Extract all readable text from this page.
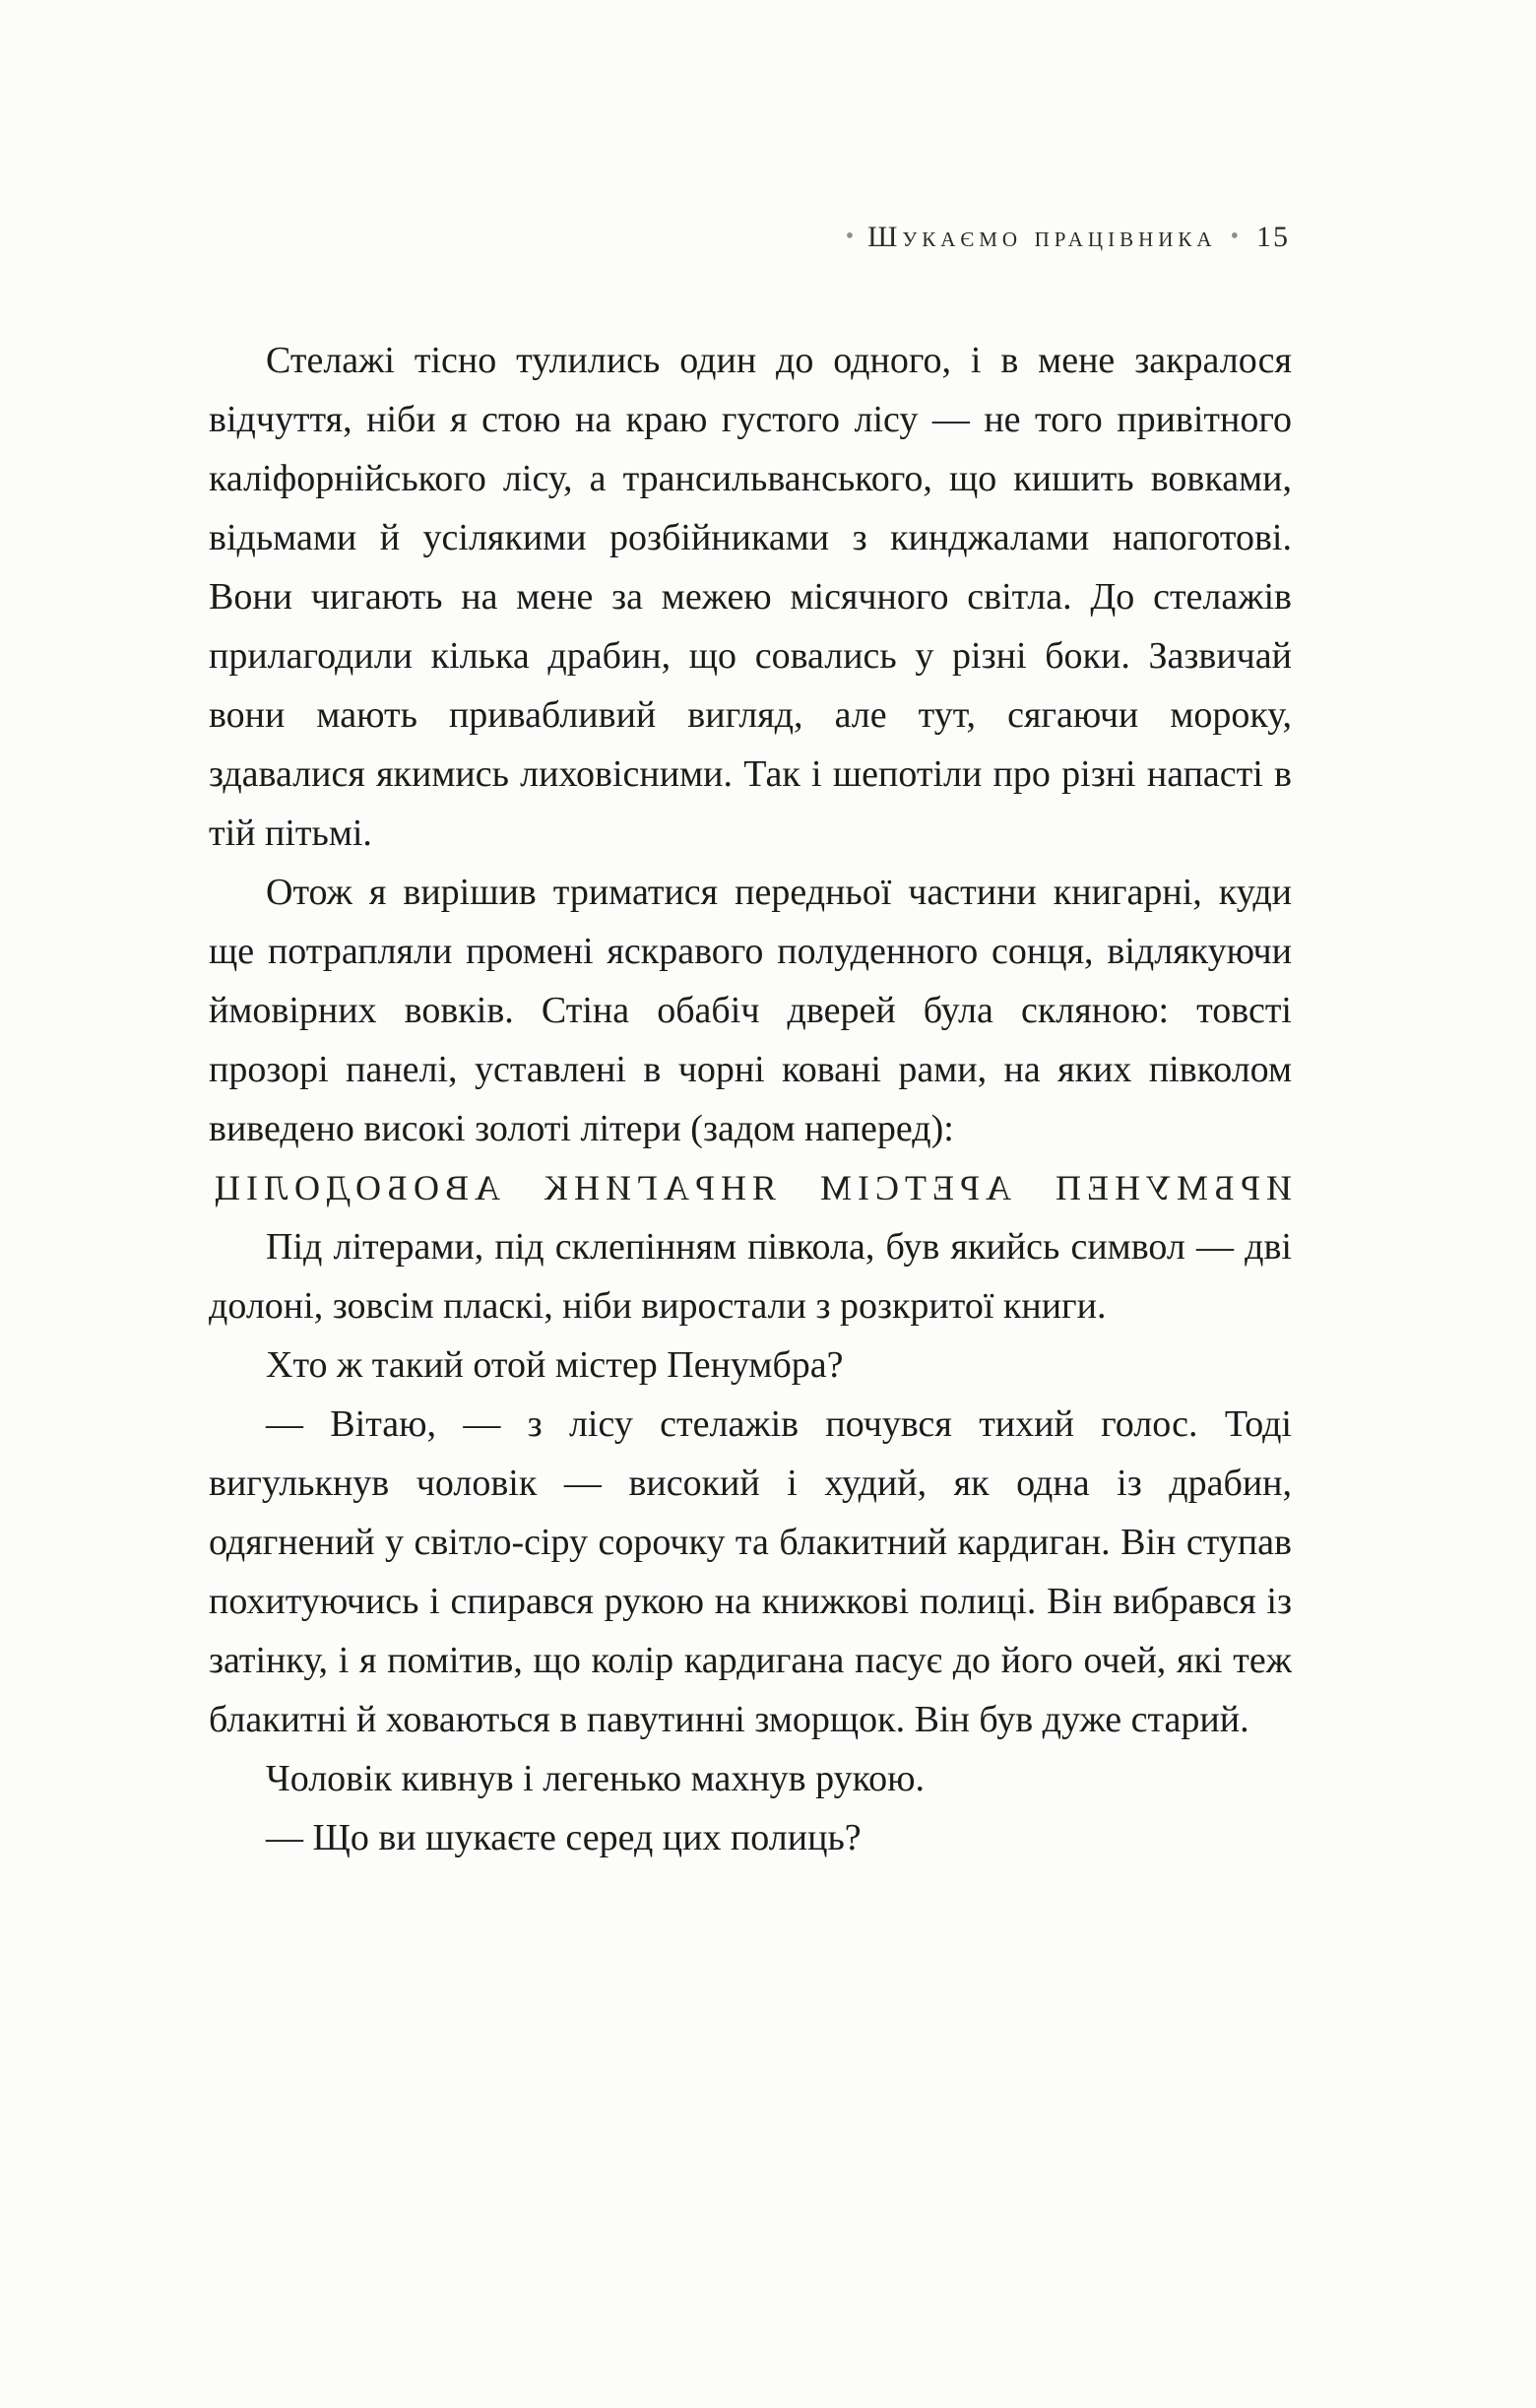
• Шукаємо працівника • 15

Стелажі тісно тулились один до одного, і в мене закралося відчуття, ніби я стою на краю густого лісу — не того привітного каліфорнійського лісу, а трансильванського, що кишить вовками, відьмами й усілякими розбійниками з кинджалами напоготові. Вони чигають на мене за межею місячного світла. До стелажів прилагодили кілька драбин, що совались у різні боки. Зазвичай вони мають привабливий вигляд, але тут, сягаючи мороку, здавалися якимись лиховісними. Так і шепотіли про різні напасті в тій пітьмі.

Отож я вирішив триматися передньої частини книгарні, куди ще потрапляли промені яскравого полуденного сонця, відлякуючи ймовірних вовків. Стіна обабіч дверей була скляною: товсті прозорі панелі, уставлені в чорні ковані рами, на яких півколом виведено високі золоті літери (задом наперед):

ЦІЛОДОБОВА КНИГАРНЯ МІСТЕРА ПЕНУМБРИ

Під літерами, під склепінням півкола, був якийсь символ — дві долоні, зовсім пласкі, ніби виростали з розкритої книги.

Хто ж такий отой містер Пенумбра?

— Вітаю, — з лісу стелажів почувся тихий голос. Тоді вигулькнув чоловік — високий і худий, як одна із драбин, одягнений у світло-сіру сорочку та блакитний кардиган. Він ступав похитуючись і спирався рукою на книжкові полиці. Він вибрався із затінку, і я помітив, що колір кардигана пасує до його очей, які теж блакитні й ховаються в павутинні зморщок. Він був дуже старий.

Чоловік кивнув і легенько махнув рукою.

— Що ви шукаєте серед цих полиць?
